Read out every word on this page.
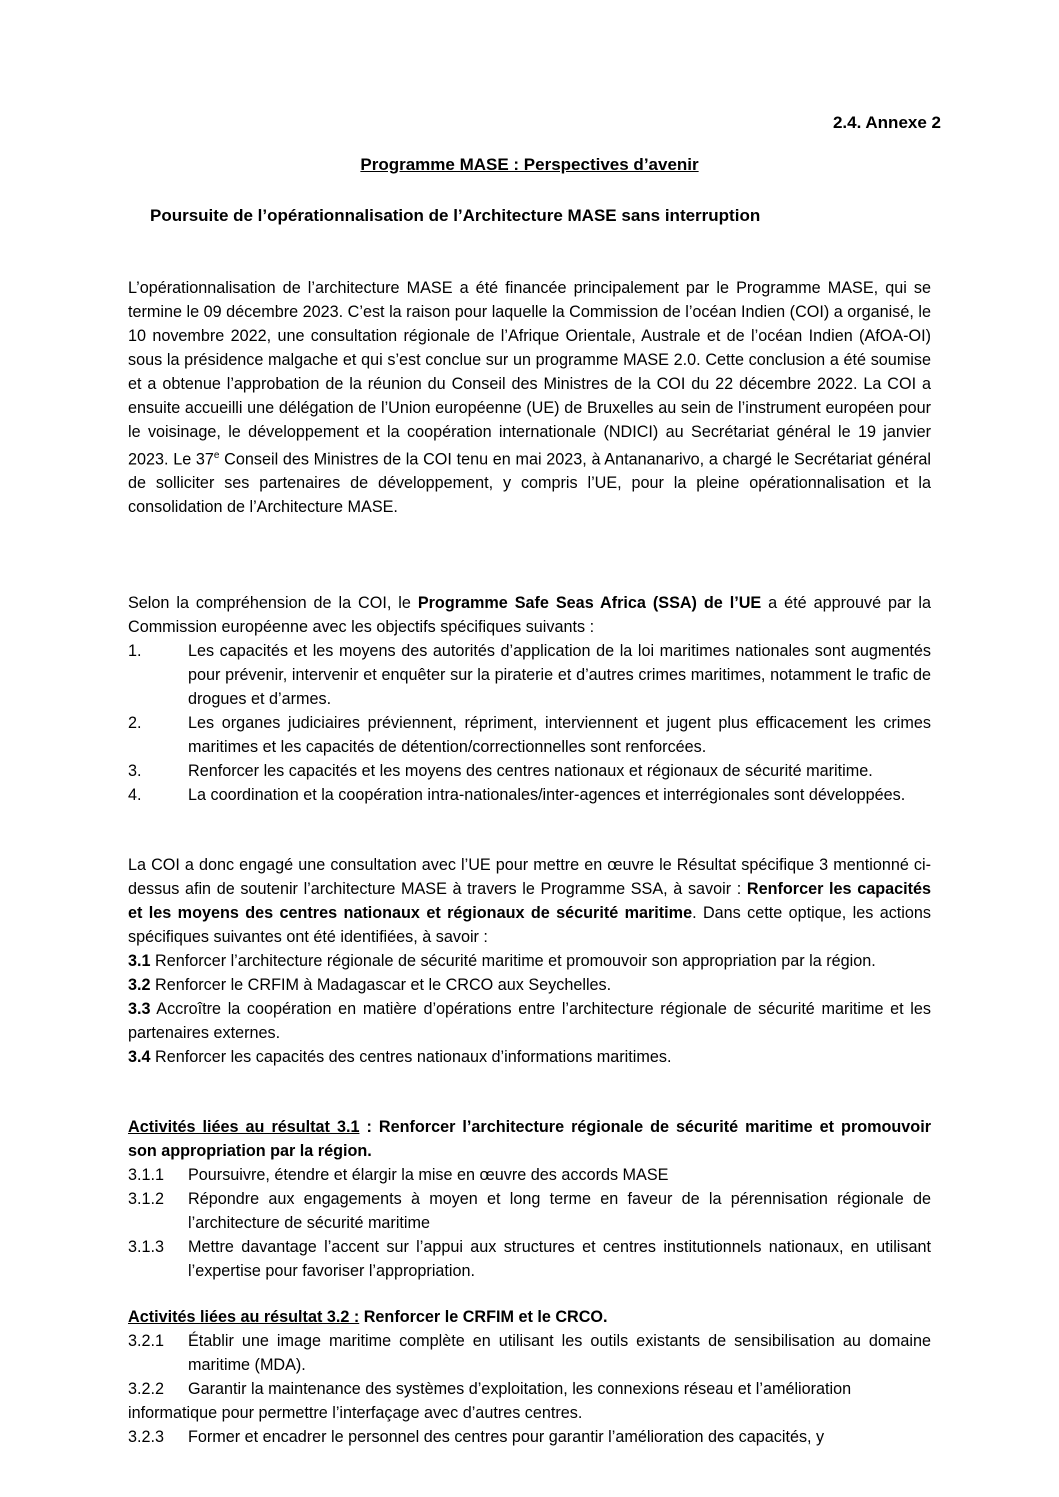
2.4. Annexe 2
Programme MASE : Perspectives d’avenir
Poursuite de l’opérationnalisation de l’Architecture MASE sans interruption

L’opérationnalisation de l’architecture MASE a été financée principalement par le Programme MASE, qui se termine le 09 décembre 2023. C’est la raison pour laquelle la Commission de l’océan Indien (COI) a organisé, le 10 novembre 2022, une consultation régionale de l’Afrique Orientale, Australe et de l’océan Indien (AfOA-OI) sous la présidence malgache et qui s’est conclue sur un programme MASE 2.0. Cette conclusion a été soumise et a obtenue l’approbation de la réunion du Conseil des Ministres de la COI du 22 décembre 2022. La COI a ensuite accueilli une délégation de l’Union européenne (UE) de Bruxelles au sein de l’instrument européen pour le voisinage, le développement et la coopération internationale (NDICI) au Secrétariat général le 19 janvier 2023. Le 37e Conseil des Ministres de la COI tenu en mai 2023, à Antananarivo, a chargé le Secrétariat général de solliciter ses partenaires de développement, y compris l’UE, pour la pleine opérationnalisation et la consolidation de l’Architecture MASE.

Selon la compréhension de la COI, le Programme Safe Seas Africa (SSA) de l’UE a été approuvé par la Commission européenne avec les objectifs spécifiques suivants :

1.	Les capacités et les moyens des autorités d’application de la loi maritimes nationales sont augmentés pour prévenir, intervenir et enquêter sur la piraterie et d’autres crimes maritimes, notamment le trafic de drogues et d’armes.
2.	Les organes judiciaires préviennent, répriment, interviennent et jugent plus efficacement les crimes maritimes et les capacités de détention/correctionnelles sont renforcées.
3.	Renforcer les capacités et les moyens des centres nationaux et régionaux de sécurité maritime.
4.	La coordination et la coopération intra-nationales/inter-agences et interrégionales sont développées.

La COI a donc engagé une consultation avec l’UE pour mettre en œuvre le Résultat spécifique 3 mentionné ci-dessus afin de soutenir l’architecture MASE à travers le Programme SSA, à savoir : Renforcer les capacités et les moyens des centres nationaux et régionaux de sécurité maritime. Dans cette optique, les actions spécifiques suivantes ont été identifiées, à savoir :

3.1 Renforcer l’architecture régionale de sécurité maritime et promouvoir son appropriation par la région.

3.2 Renforcer le CRFIM à Madagascar et le CRCO aux Seychelles.

3.3 Accroître la coopération en matière d’opérations entre l’architecture régionale de sécurité maritime et les partenaires externes.

3.4 Renforcer les capacités des centres nationaux d’informations maritimes.

Activités liées au résultat 3.1 : Renforcer l’architecture régionale de sécurité maritime et promouvoir son appropriation par la région.

3.1.1	Poursuivre, étendre et élargir la mise en œuvre des accords MASE
3.1.2	Répondre aux engagements à moyen et long terme en faveur de la pérennisation régionale de l’architecture de sécurité maritime
3.1.3	Mettre davantage l’accent sur l’appui aux structures et centres institutionnels nationaux, en utilisant l’expertise pour favoriser l’appropriation.

Activités liées au résultat 3.2 : Renforcer le CRFIM et le CRCO.

3.2.1	Établir une image maritime complète en utilisant les outils existants de sensibilisation au domaine maritime (MDA).
3.2.2	Garantir la maintenance des systèmes d’exploitation, les connexions réseau et l’amélioration

informatique pour permettre l’interfaçage avec d’autres centres.

3.2.3	Former et encadrer le personnel des centres pour garantir l’amélioration des capacités, y
